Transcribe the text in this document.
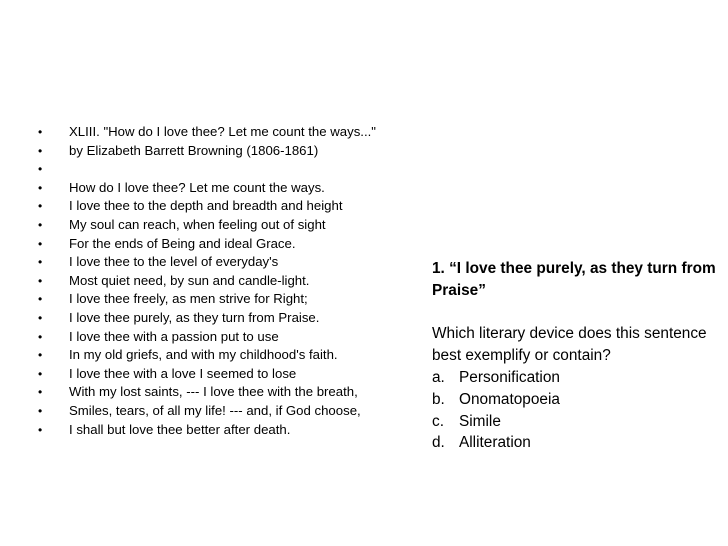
• XLIII. "How do I love thee? Let me count the ways..."
• by Elizabeth Barrett Browning (1806-1861)
•
• How do I love thee? Let me count the ways.
• I love thee to the depth and breadth and height
• My soul can reach, when feeling out of sight
• For the ends of Being and ideal Grace.
• I love thee to the level of everyday's
• Most quiet need, by sun and candle-light.
• I love thee freely, as men strive for Right;
• I love thee purely, as they turn from Praise.
• I love thee with a passion put to use
• In my old griefs, and with my childhood's faith.
• I love thee with a love I seemed to lose
• With my lost saints, --- I love thee with the breath,
• Smiles, tears, of all my life! --- and, if God choose,
• I shall but love thee better after death.
1. “I love thee purely, as they turn from Praise”
Which literary device does this sentence best exemplify or contain?
a. Personification
b. Onomatopoeia
c. Simile
d. Alliteration
